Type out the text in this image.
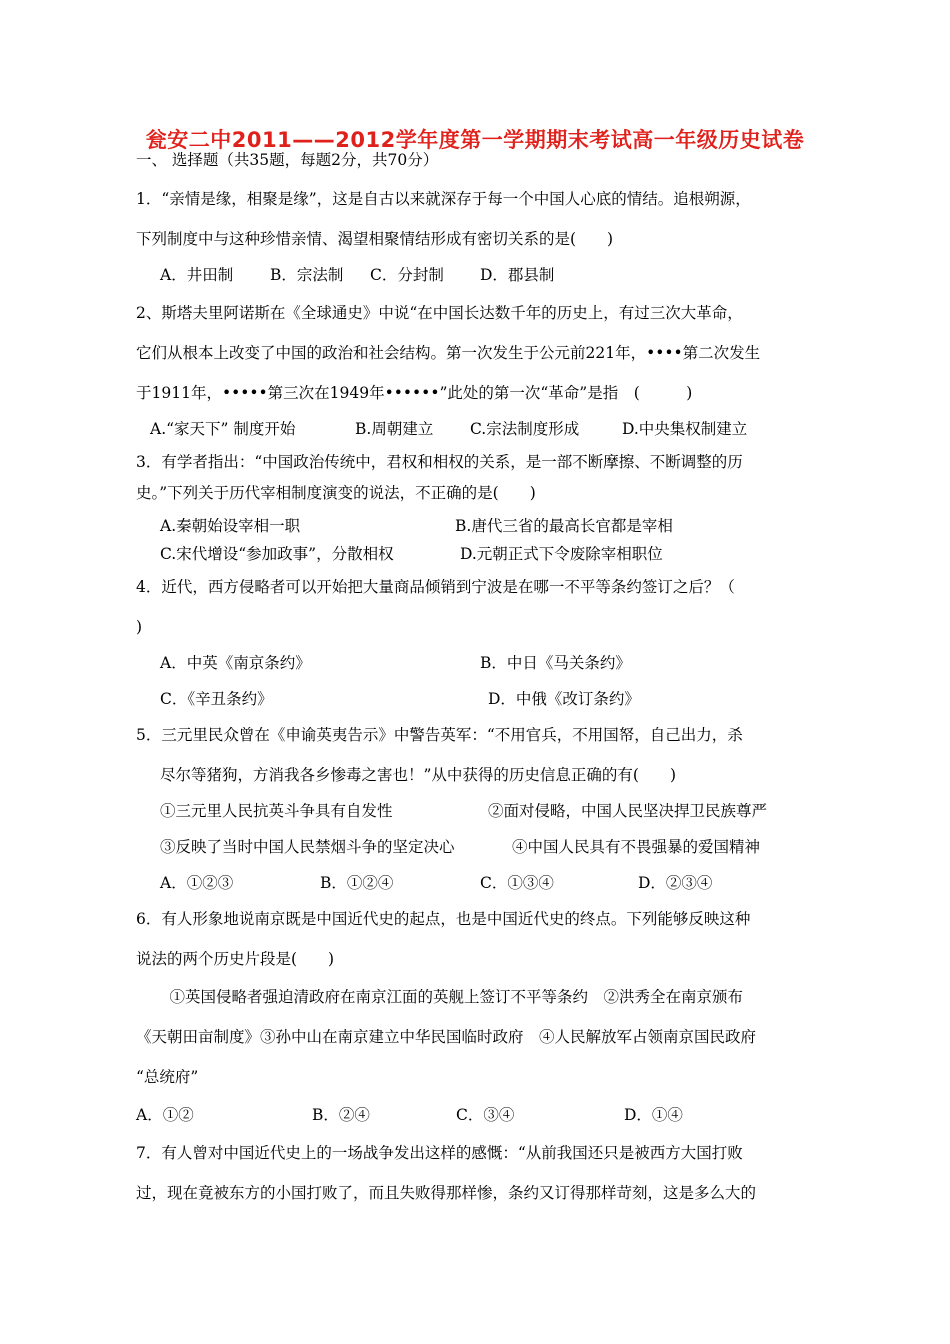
瓮安二中2011——2012学年度第一学期期末考试高一年级历史试卷
一、 选择题（共35题，每题2分，共70分）
1．“亲情是缘，相聚是缘”，这是自古以来就深存于每一个中国人心底的情结。追根朔源，
下列制度中与这种珍惜亲情、渴望相聚情结形成有密切关系的是(　　)
A．井田制 B．宗法制 C．分封制 D．郡县制
2、斯塔夫里阿诺斯在《全球通史》中说“在中国长达数千年的历史上，有过三次大革命，
它们从根本上改变了中国的政治和社会结构。第一次发生于公元前221年，••••第二次发生
于1911年，•••••第三次在1949年••••••”此处的第一次“革命”是指　(　　　)
A.“家天下” 制度开始	B.周朝建立 C.宗法制度形成	D.中央集权制建立
3．有学者指出：“中国政治传统中，君权和相权的关系，是一部不断摩擦、不断调整的历
史。”下列关于历代宰相制度演变的说法，不正确的是(　　)
A.秦朝始设宰相一职	B.唐代三省的最高长官都是宰相
C.宋代增设“参加政事”，分散相权	D.元朝正式下令废除宰相职位
4．近代，西方侵略者可以开始把大量商品倾销到宁波是在哪一不平等条约签订之后？（
)
A．中英《南京条约》	B．中日《马关条约》
C．《辛丑条约》	D．中俄《改订条约》
5．三元里民众曾在《申谕英夷告示》中警告英军：“不用官兵，不用国帑，自己出力，杀
尽尔等猪狗，方消我各乡惨毒之害也！”从中获得的历史信息正确的有(　　)
①三元里人民抗英斗争具有自发性	②面对侵略，中国人民坚决捍卫民族尊严
③反映了当时中国人民禁烟斗争的坚定决心	④中国人民具有不畏强暴的爱国精神
A．①②③	B．①②④	C．①③④	D．②③④
6．有人形象地说南京既是中国近代史的起点，也是中国近代史的终点。下列能够反映这种
说法的两个历史片段是(　　)
　①英国侵略者强迫清政府在南京江面的英舰上签订不平等条约　②洪秀全在南京颁布
《天朝田亩制度》③孙中山在南京建立中华民国临时政府　④人民解放军占领南京国民政府
“总统府”
A．①②	B．②④	C．③④	D．①④
7．有人曾对中国近代史上的一场战争发出这样的感慨：“从前我国还只是被西方大国打败
过，现在竟被东方的小国打败了，而且失败得那样惨，条约又订得那样苛刻，这是多么大的
